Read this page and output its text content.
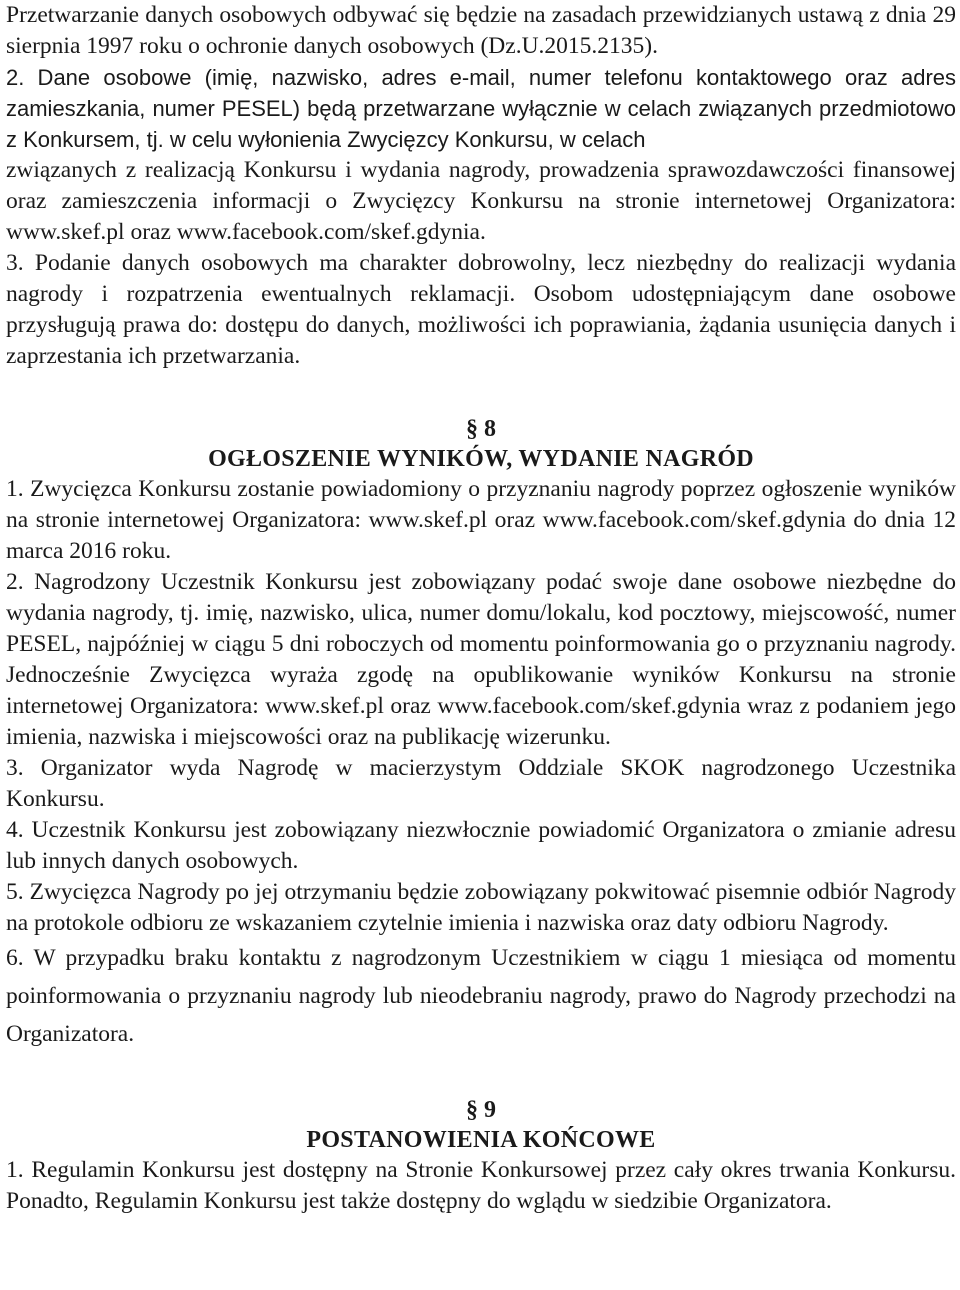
Przetwarzanie danych osobowych odbywać się będzie na zasadach przewidzianych ustawą z dnia 29 sierpnia 1997 roku o ochronie danych osobowych (Dz.U.2015.2135).

2. Dane osobowe (imię, nazwisko, adres e-mail, numer telefonu kontaktowego oraz adres zamieszkania, numer PESEL) będą przetwarzane wyłącznie w celach związanych przedmiotowo z Konkursem, tj. w celu wyłonienia Zwycięzcy Konkursu, w celach

związanych z realizacją Konkursu i wydania nagrody, prowadzenia sprawozdawczości finansowej oraz zamieszczenia informacji o Zwycięzcy Konkursu na stronie internetowej Organizatora: www.skef.pl oraz www.facebook.com/skef.gdynia.

3. Podanie danych osobowych ma charakter dobrowolny, lecz niezbędny do realizacji wydania nagrody i rozpatrzenia ewentualnych reklamacji. Osobom udostępniającym dane osobowe przysługują prawa do: dostępu do danych, możliwości ich poprawiania, żądania usunięcia danych i zaprzestania ich przetwarzania.

§ 8

OGŁOSZENIE WYNIKÓW, WYDANIE NAGRÓD

1. Zwycięzca Konkursu zostanie powiadomiony o przyznaniu nagrody poprzez ogłoszenie wyników na stronie internetowej Organizatora: www.skef.pl oraz www.facebook.com/skef.gdynia do dnia 12 marca 2016 roku.

2. Nagrodzony Uczestnik Konkursu jest zobowiązany podać swoje dane osobowe niezbędne do wydania nagrody, tj. imię, nazwisko, ulica, numer domu/lokalu, kod pocztowy, miejscowość, numer PESEL, najpóźniej w ciągu 5 dni roboczych od momentu poinformowania go o przyznaniu nagrody. Jednocześnie Zwycięzca wyraża zgodę na opublikowanie wyników Konkursu na stronie internetowej Organizatora: www.skef.pl oraz www.facebook.com/skef.gdynia wraz z podaniem jego imienia, nazwiska i miejscowości oraz na publikację wizerunku.

3. Organizator wyda Nagrodę w macierzystym Oddziale SKOK nagrodzonego Uczestnika Konkursu.

4. Uczestnik Konkursu jest zobowiązany niezwłocznie powiadomić Organizatora o zmianie adresu lub innych danych osobowych.

5. Zwycięzca Nagrody po jej otrzymaniu będzie zobowiązany pokwitować pisemnie odbiór Nagrody na protokole odbioru ze wskazaniem czytelnie imienia i nazwiska oraz daty odbioru Nagrody.

6. W przypadku braku kontaktu z nagrodzonym Uczestnikiem w ciągu 1 miesiąca od momentu poinformowania o przyznaniu nagrody lub nieodebraniu nagrody, prawo do Nagrody przechodzi na Organizatora.

§ 9

POSTANOWIENIA KOŃCOWE

1. Regulamin Konkursu jest dostępny na Stronie Konkursowej przez cały okres trwania Konkursu. Ponadto, Regulamin Konkursu jest także dostępny do wglądu w siedzibie Organizatora.
